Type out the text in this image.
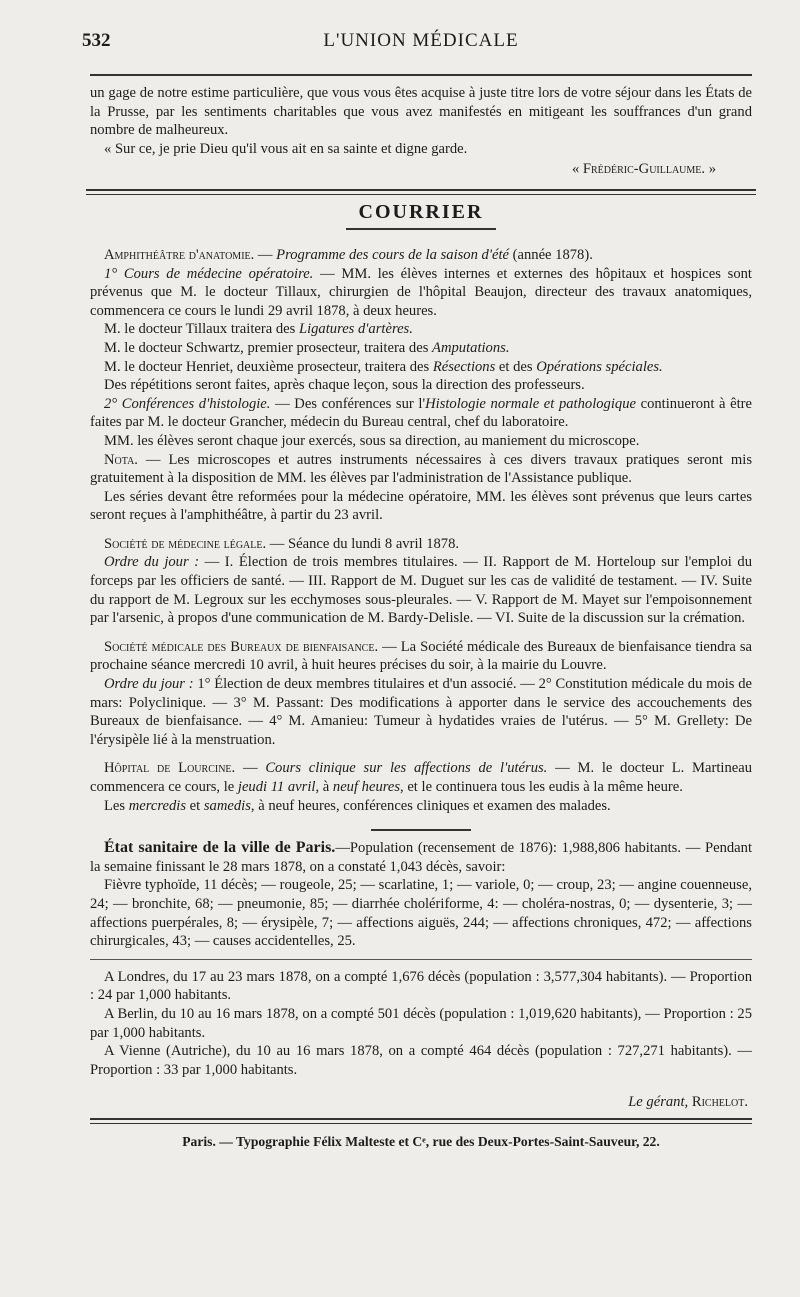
532	L'UNION MÉDICALE

un gage de notre estime particulière, que vous vous êtes acquise à juste titre lors de votre séjour dans les États de la Prusse, par les sentiments charitables que vous avez manifestés en mitigeant les souffrances d'un grand nombre de malheureux.

« Sur ce, je prie Dieu qu'il vous ait en sa sainte et digne garde.

« Frédéric-Guillaume. »

COURRIER

Amphithéâtre d'anatomie. — Programme des cours de la saison d'été (année 1878).

1° Cours de médecine opératoire. — MM. les élèves internes et externes des hôpitaux et hospices sont prévenus que M. le docteur Tillaux, chirurgien de l'hôpital Beaujon, directeur des travaux anatomiques, commencera ce cours le lundi 29 avril 1878, à deux heures.

M. le docteur Tillaux traitera des Ligatures d'artères.

M. le docteur Schwartz, premier prosecteur, traitera des Amputations.

M. le docteur Henriet, deuxième prosecteur, traitera des Résections et des Opérations spéciales.

Des répétitions seront faites, après chaque leçon, sous la direction des professeurs.

2° Conférences d'histologie. — Des conférences sur l'Histologie normale et pathologique continueront à être faites par M. le docteur Grancher, médecin du Bureau central, chef du laboratoire.

MM. les élèves seront chaque jour exercés, sous sa direction, au maniement du microscope.

Nota. — Les microscopes et autres instruments nécessaires à ces divers travaux pratiques seront mis gratuitement à la disposition de MM. les élèves par l'administration de l'Assistance publique.

Les séries devant être reformées pour la médecine opératoire, MM. les élèves sont prévenus que leurs cartes seront reçues à l'amphithéâtre, à partir du 23 avril.

Société de médecine légale. — Séance du lundi 8 avril 1878.

Ordre du jour : — I. Élection de trois membres titulaires. — II. Rapport de M. Horteloup sur l'emploi du forceps par les officiers de santé. — III. Rapport de M. Duguet sur les cas de validité de testament. — IV. Suite du rapport de M. Legroux sur les ecchymoses sous-pleurales. — V. Rapport de M. Mayet sur l'empoisonnement par l'arsenic, à propos d'une communication de M. Bardy-Delisle. — VI. Suite de la discussion sur la crémation.

Société médicale des Bureaux de bienfaisance. — La Société médicale des Bureaux de bienfaisance tiendra sa prochaine séance mercredi 10 avril, à huit heures précises du soir, à la mairie du Louvre.

Ordre du jour : 1° Élection de deux membres titulaires et d'un associé. — 2° Constitution médicale du mois de mars: Polyclinique. — 3° M. Passant: Des modifications à apporter dans le service des accouchements des Bureaux de bienfaisance. — 4° M. Amanieu: Tumeur à hydatides vraies de l'utérus. — 5° M. Grellety: De l'érysipèle lié à la menstruation.

Hôpital de Lourcine. — Cours clinique sur les affections de l'utérus. — M. le docteur L. Martineau commencera ce cours, le jeudi 11 avril, à neuf heures, et le continuera tous les eudis à la même heure.

Les mercredis et samedis, à neuf heures, conférences cliniques et examen des malades.

État sanitaire de la ville de Paris.—Population (recensement de 1876): 1,988,806 habitants. — Pendant la semaine finissant le 28 mars 1878, on a constaté 1,043 décès, savoir:

Fièvre typhoïde, 11 décès; — rougeole, 25; — scarlatine, 1; — variole, 0; — croup, 23; — angine couenneuse, 24; — bronchite, 68; — pneumonie, 85; — diarrhée cholériforme, 4: — choléra-nostras, 0; — dysenterie, 3; — affections puerpérales, 8; — érysipèle, 7; — affections aiguës, 244; — affections chroniques, 472; — affections chirurgicales, 43; — causes accidentelles, 25.

A Londres, du 17 au 23 mars 1878, on a compté 1,676 décès (population : 3,577,304 habitants). — Proportion : 24 par 1,000 habitants.

A Berlin, du 10 au 16 mars 1878, on a compté 501 décès (population : 1,019,620 habitants), — Proportion : 25 par 1,000 habitants.

A Vienne (Autriche), du 10 au 16 mars 1878, on a compté 464 décès (population : 727,271 habitants). — Proportion : 33 par 1,000 habitants.

Le gérant, Richelot.

Paris. — Typographie Félix Malteste et Cᵉ, rue des Deux-Portes-Saint-Sauveur, 22.
